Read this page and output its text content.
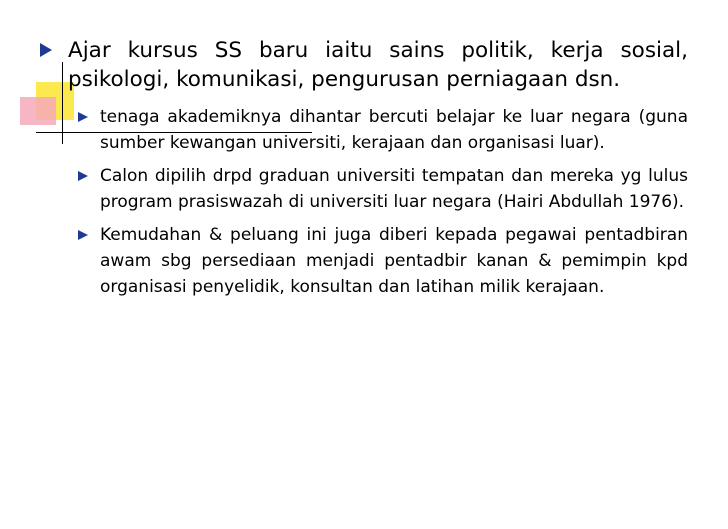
Ajar kursus SS baru iaitu sains politik, kerja sosial, psikologi, komunikasi, pengurusan perniagaan dsn.
tenaga akademiknya dihantar bercuti belajar ke luar negara (guna sumber kewangan universiti, kerajaan dan organisasi luar).
Calon dipilih drpd graduan universiti tempatan dan mereka yg lulus program prasiswazah di universiti luar negara (Hairi Abdullah 1976).
Kemudahan & peluang ini juga diberi kepada pegawai pentadbiran awam sbg persediaan menjadi pentadbir kanan & pemimpin kpd organisasi penyelidik, konsultan dan latihan milik kerajaan.
